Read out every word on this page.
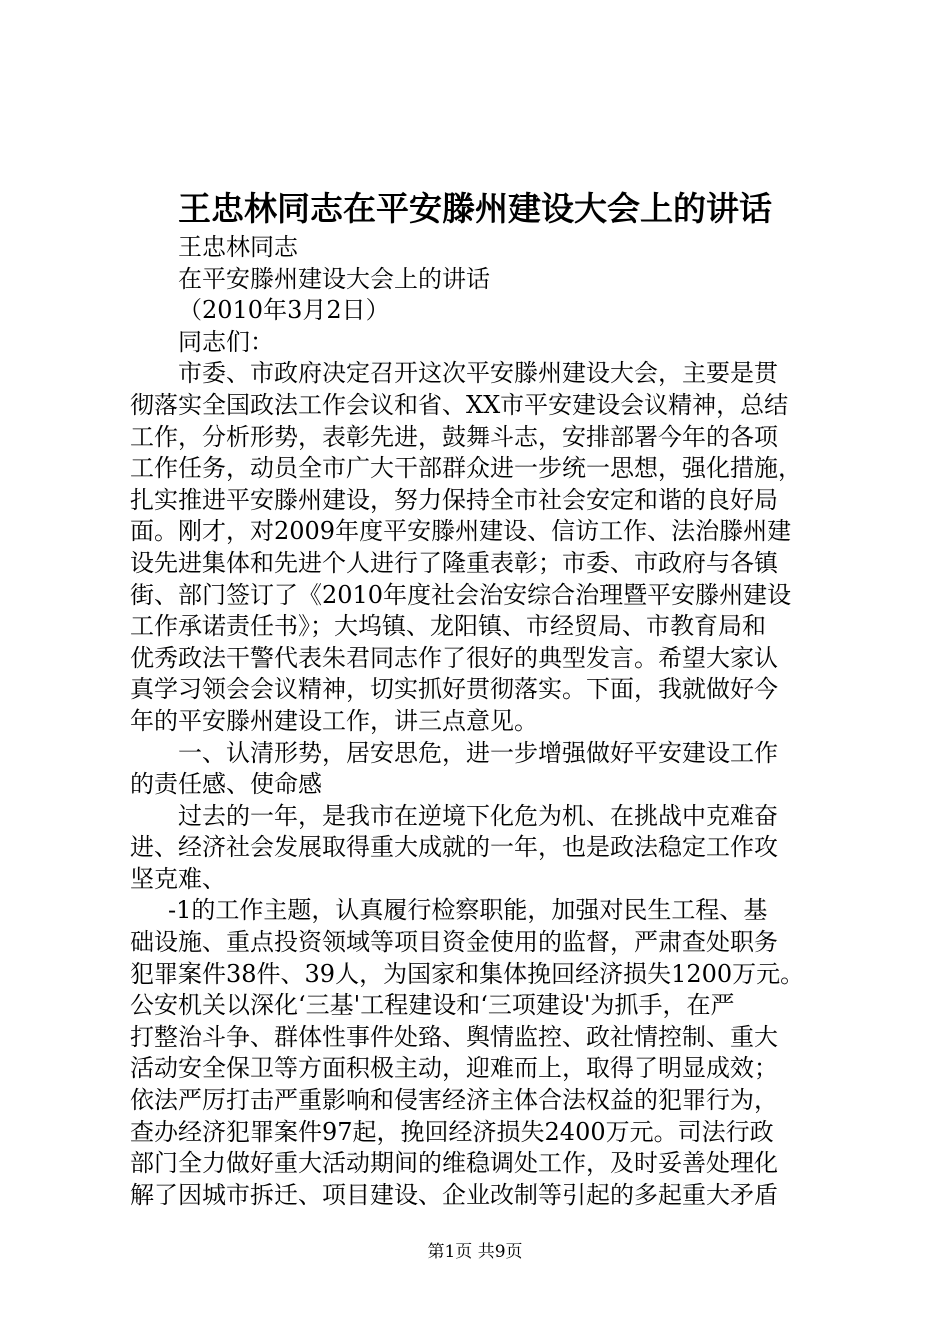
王忠林同志在平安滕州建设大会上的讲话
王忠林同志
在平安滕州建设大会上的讲话
（2010年3月2日）
同志们：
市委、市政府决定召开这次平安滕州建设大会，主要是贯
彻落实全国政法工作会议和省、XX市平安建设会议精神，总结
工作，分析形势，表彰先进，鼓舞斗志，安排部署今年的各项
工作任务，动员全市广大干部群众进一步统一思想，强化措施，
扎实推进平安滕州建设，努力保持全市社会安定和谐的良好局
面。刚才，对2009年度平安滕州建设、信访工作、法治滕州建
设先进集体和先进个人进行了隆重表彰；市委、市政府与各镇
街、部门签订了《2010年度社会治安综合治理暨平安滕州建设
工作承诺责任书》；大坞镇、龙阳镇、市经贸局、市教育局和
优秀政法干警代表朱君同志作了很好的典型发言。希望大家认
真学习领会会议精神，切实抓好贯彻落实。下面，我就做好今
年的平安滕州建设工作，讲三点意见。
一、认清形势，居安思危，进一步增强做好平安建设工作
的责任感、使命感
过去的一年，是我市在逆境下化危为机、在挑战中克难奋
进、经济社会发展取得重大成就的一年，也是政法稳定工作攻
坚克难、
-1的工作主题，认真履行检察职能，加强对民生工程、基
础设施、重点投资领域等项目资金使用的监督，严肃查处职务
犯罪案件38件、39人，为国家和集体挽回经济损失1200万元。
公安机关以深化‘三基'工程建设和‘三项建设'为抓手，在严
打整治斗争、群体性事件处臵、舆情监控、政社情控制、重大
活动安全保卫等方面积极主动，迎难而上，取得了明显成效；
依法严厉打击严重影响和侵害经济主体合法权益的犯罪行为，
查办经济犯罪案件97起，挽回经济损失2400万元。司法行政
部门全力做好重大活动期间的维稳调处工作，及时妥善处理化
解了因城市拆迁、项目建设、企业改制等引起的多起重大矛盾
第1页 共9页
